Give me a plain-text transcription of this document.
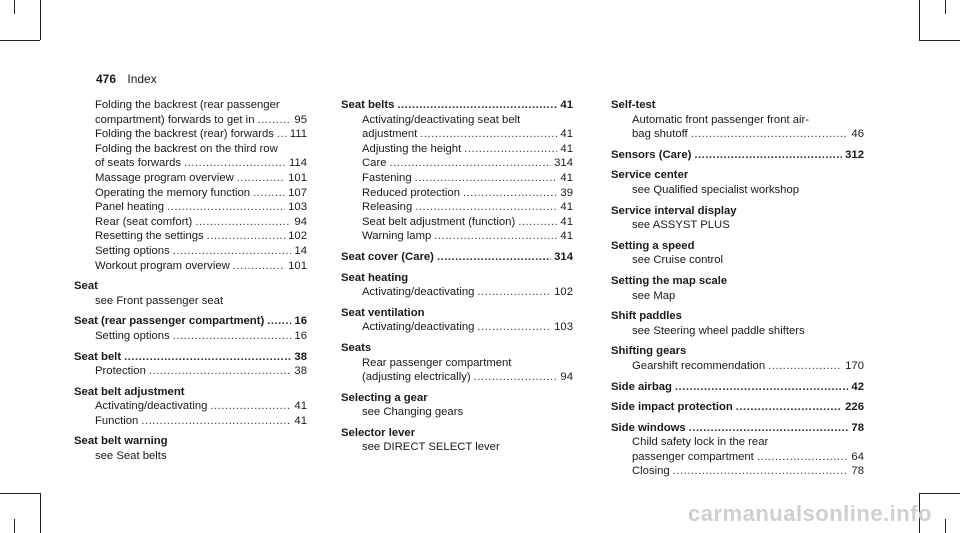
476 Index
Folding the backrest (rear passenger
compartment) forwards to get in .....	95
Folding the backrest (rear) forwards ..... 111
Folding the backrest on the third row
of seats forwards .....	114
Massage program overview .....	101
Operating the memory function .....	107
Panel heating .....	103
Rear (seat comfort) .....	94
Resetting the settings .....	102
Setting options .....	14
Workout program overview .....	101
Seat
see Front passenger seat
Seat (rear passenger compartment) .....	16
Setting options .....	16
Seat belt .....	38
Protection .....	38
Seat belt adjustment
Activating/deactivating .....	41
Function .....	41
Seat belt warning
see Seat belts
Seat belts .....	41
Activating/deactivating seat belt
adjustment .....	41
Adjusting the height .....	41
Care .....	314
Fastening .....	41
Reduced protection .....	39
Releasing .....	41
Seat belt adjustment (function) .....	41
Warning lamp .....	41
Seat cover (Care) .....	314
Seat heating
Activating/deactivating .....	102
Seat ventilation
Activating/deactivating .....	103
Seats
Rear passenger compartment
(adjusting electrically) .....	94
Selecting a gear
see Changing gears
Selector lever
see DIRECT SELECT lever
Self-test
Automatic front passenger front air-
bag shutoff .....	46
Sensors (Care) .....	312
Service center
see Qualified specialist workshop
Service interval display
see ASSYST PLUS
Setting a speed
see Cruise control
Setting the map scale
see Map
Shift paddles
see Steering wheel paddle shifters
Shifting gears
Gearshift recommendation .....	170
Side airbag .....	42
Side impact protection .....	226
Side windows .....	78
Child safety lock in the rear
passenger compartment .....	64
Closing .....	78
carmanualsonline.info
